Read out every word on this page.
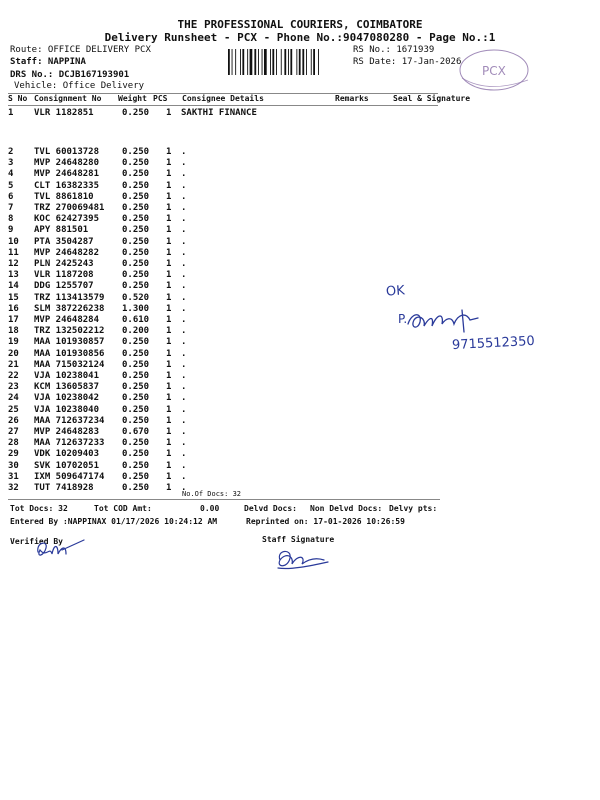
THE PROFESSIONAL COURIERS, COIMBATORE
Delivery Runsheet - PCX - Phone No.:9047080280 - Page No.:1
Route: OFFICE DELIVERY PCX
Staff: NAPPINA
DRS No.: DCJB167193901
Vehicle: Office Delivery
RS No.: 1671939
RS Date: 17-Jan-2026
PCX
S No Consignment No Weight PCS Consignee Details	Remarks	Seal & Signature
1 VLR 1182851	0.250 1 SAKTHI FINANCE
2 TVL 60013728	0.250 1 .
3 MVP 24648280	0.250 1 .
4 MVP 24648281	0.250 1 .
5 CLT 16382335	0.250 1 .
6 TVL 8861810	0.250 1 .
7 TRZ 270069481 0.250 1 .
8 KOC 62427395	0.250 1 .
9 APY 881501	0.250 1 .
10 PTA 3504287	0.250 1 .
11 MVP 24648282	0.250 1 .
12 PLN 2425243	0.250 1 .
13 VLR 1187208	0.250 1 .
14 DDG 1255707	0.250 1 .
15 TRZ 113413579 0.520 1 .
16 SLM 387226238 1.300 1 .
17 MVP 24648284	0.610 1 .
18 TRZ 132502212 0.200 1 .
19 MAA 101930857 0.250 1 .
20 MAA 101930856 0.250 1 .
21 MAA 715032124 0.250 1 .
22 VJA 10238041	0.250 1 .
23 KCM 13605837	0.250 1 .
24 VJA 10238042	0.250 1 .
25 VJA 10238040	0.250 1 .
26 MAA 712637234 0.250 1 .
27 MVP 24648283	0.670 1 .
28 MAA 712637233 0.250 1 .
29 VDK 10209403	0.250 1 .
30 SVK 10702051	0.250 1 .
31 IXM 509647174 0.250 1 .
32 TUT 7418928	0.250 1 .
No.Of Docs: 32
OK
P.
9715512350
Tot Docs: 32	Tot COD Amt:	0.00	Delvd Docs: Non Delvd Docs: Delvy pts:
Entered By :NAPPINAX 01/17/2026 10:24:12 AM	Reprinted on: 17-01-2026 10:26:59
Verified By	Staff Signature
